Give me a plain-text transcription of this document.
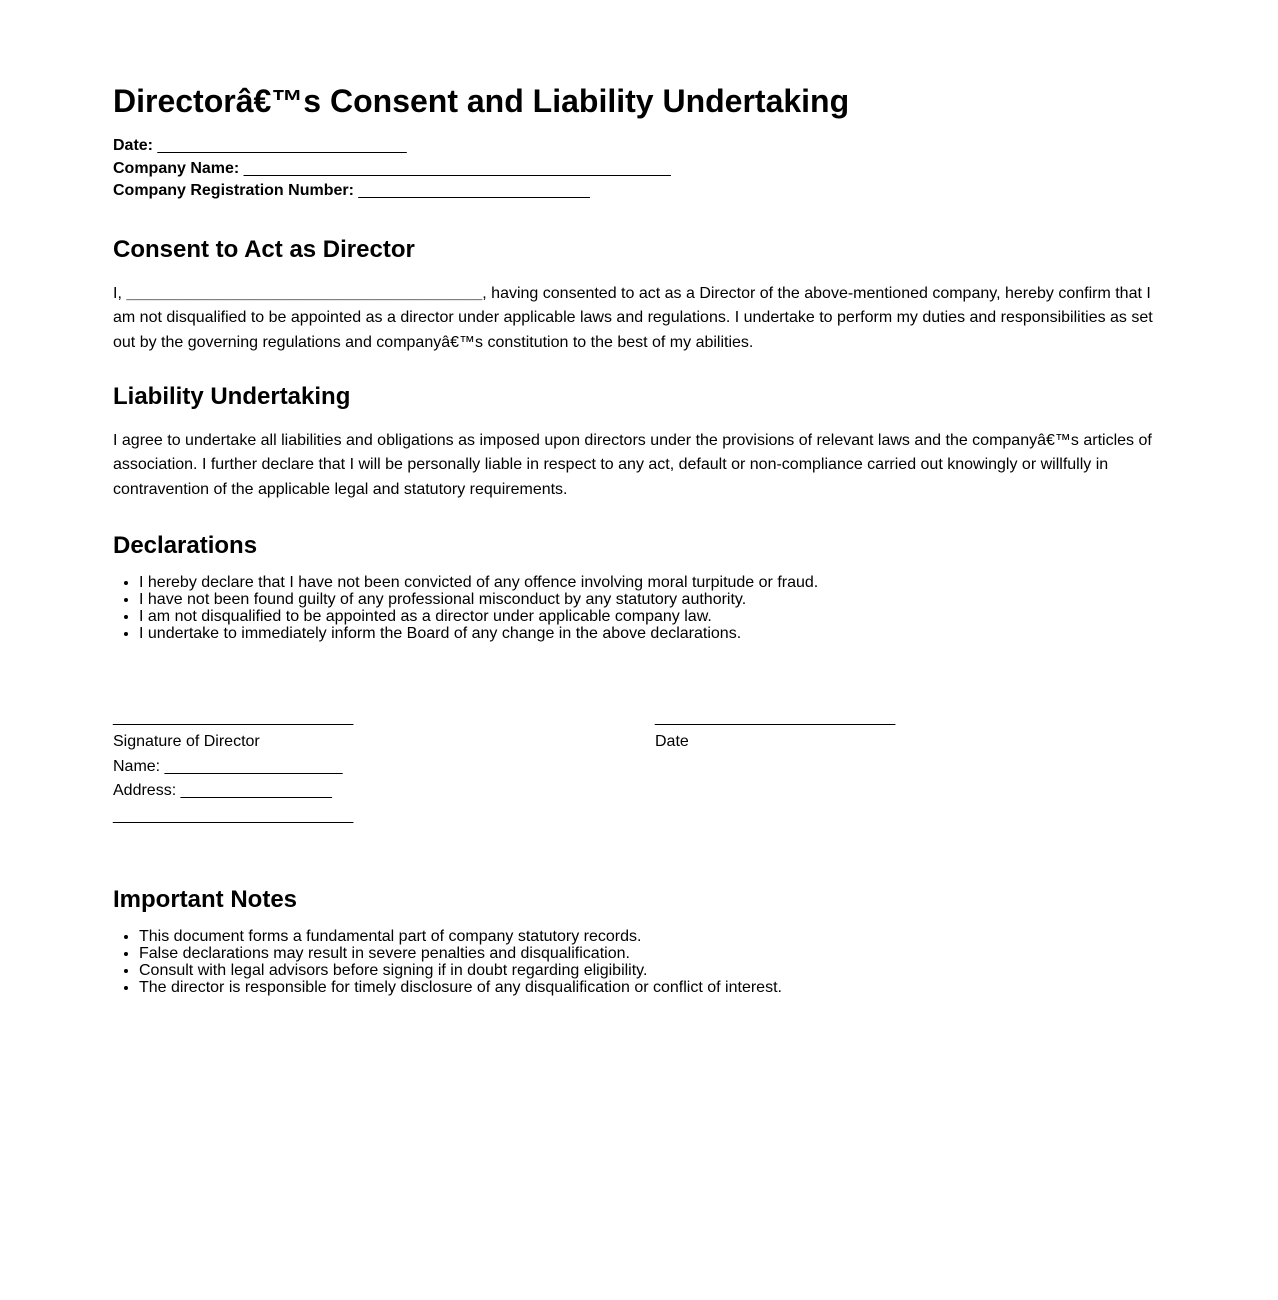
Directorâ€™s Consent and Liability Undertaking

Date: ____________________________
Company Name: ________________________________________________
Company Registration Number: __________________________

Consent to Act as Director

I, ________________________________________, having consented to act as a Director of the above-mentioned company, hereby confirm that I am not disqualified to be appointed as a director under applicable laws and regulations. I undertake to perform my duties and responsibilities as set out by the governing regulations and companyâ€™s constitution to the best of my abilities.

Liability Undertaking

I agree to undertake all liabilities and obligations as imposed upon directors under the provisions of relevant laws and the companyâ€™s articles of association. I further declare that I will be personally liable in respect to any act, default or non-compliance carried out knowingly or willfully in contravention of the applicable legal and statutory requirements.

Declarations
• I hereby declare that I have not been convicted of any offence involving moral turpitude or fraud.
• I have not been found guilty of any professional misconduct by any statutory authority.
• I am not disqualified to be appointed as a director under applicable company law.
• I undertake to immediately inform the Board of any change in the above declarations.
___________________________
Signature of Director
Name: ____________________
Address: _________________
___________________________
___________________________
Date
Important Notes
• This document forms a fundamental part of company statutory records.
• False declarations may result in severe penalties and disqualification.
• Consult with legal advisors before signing if in doubt regarding eligibility.
• The director is responsible for timely disclosure of any disqualification or conflict of interest.
